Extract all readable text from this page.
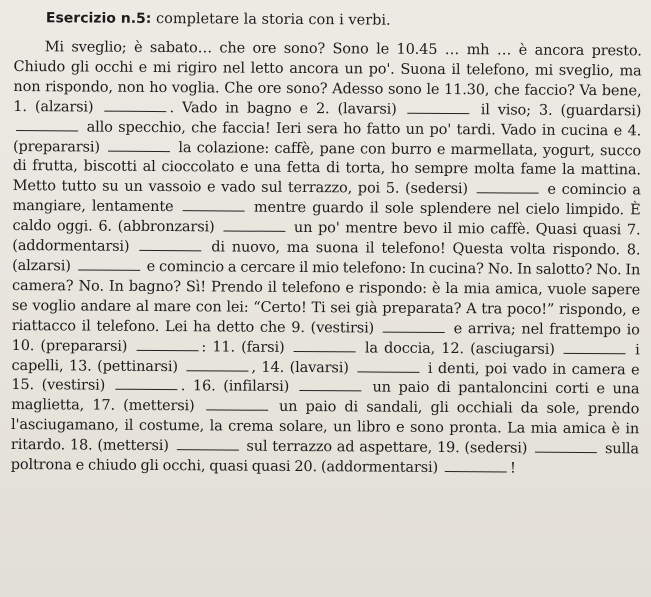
Esercizio n.5: completare la storia con i verbi.

Mi sveglio; è sabato… che ore sono? Sono le 10.45 … mh … è ancora presto. Chiudo gli occhi e mi rigiro nel letto ancora un po'. Suona il telefono, mi sveglio, ma non rispondo, non ho voglia. Che ore sono? Adesso sono le 11.30, che faccio? Va bene, 1. (alzarsi)	. Vado in bagno e 2. (lavarsi)	il viso; 3. (guardarsi)  allo specchio, che faccia! Ieri sera ho fatto un po' tardi. Vado in cucina e 4. (prepararsi)	la colazione: caffè, pane con burro e marmellata, yogurt, succo di frutta, biscotti al cioccolato e una fetta di torta, ho sempre molta fame la mattina. Metto tutto su un vassoio e vado sul terrazzo, poi 5. (sedersi)	e comincio a mangiare, lentamente	mentre guardo il sole splendere nel cielo limpido. È caldo oggi. 6. (abbronzarsi)	un po' mentre bevo il mio caffè. Quasi quasi 7. (addormentarsi)	di nuovo, ma suona il telefono! Questa volta rispondo. 8. (alzarsi)	e comincio a cercare il mio telefono: In cucina? No. In salotto? No. In camera? No. In bagno? Sì! Prendo il telefono e rispondo: è la mia amica, vuole sapere se voglio andare al mare con lei: “Certo! Ti sei già preparata? A tra poco!” rispondo, e riattacco il telefono. Lei ha detto che 9. (vestirsi)	e arriva; nel frattempo io 10. (prepararsi)	: 11. (farsi)	la doccia, 12. (asciugarsi)	i capelli, 13. (pettinarsi)	, 14. (lavarsi)	i denti, poi vado in camera e 15. (vestirsi)	. 16. (infilarsi)	un paio di pantaloncini corti e una maglietta, 17. (mettersi)	un paio di sandali, gli occhiali da sole, prendo l'asciugamano, il costume, la crema solare, un libro e sono pronta. La mia amica è in ritardo. 18. (mettersi)	sul terrazzo ad aspettare, 19. (sedersi)	sulla poltrona e chiudo gli occhi, quasi quasi 20. (addormentarsi)	!
